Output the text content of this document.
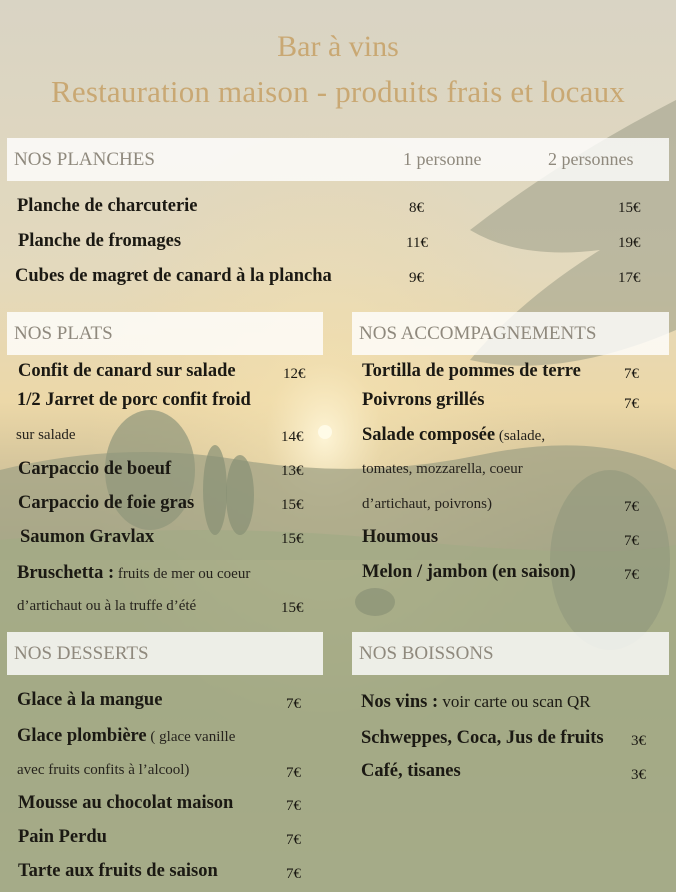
Bar à vins
Restauration maison - produits frais et locaux
NOS PLANCHES	1 personne	2 personnes
Planche de charcuterie	8€	15€
Planche de fromages	11€	19€
Cubes de magret de canard à la plancha	9€	17€
NOS PLATS
Confit de canard sur salade	12€
1/2 Jarret de porc confit froid
sur salade	14€
Carpaccio de boeuf	13€
Carpaccio de foie gras	15€
Saumon Gravlax	15€
Bruschetta : fruits de mer ou coeur
d’artichaut ou à la truffe d’été	15€
NOS ACCOMPAGNEMENTS
Tortilla de pommes de terre	7€
Poivrons grillés	7€
Salade composée (salade,
tomates, mozzarella, coeur
d’artichaut, poivrons)	7€
Houmous	7€
Melon / jambon (en saison)	7€
NOS DESSERTS
Glace à la mangue	7€
Glace plombière ( glace vanille
avec fruits confits à l’alcool)	7€
Mousse au chocolat maison	7€
Pain Perdu	7€
Tarte aux fruits de saison	7€
NOS BOISSONS
Nos vins : voir carte ou scan QR
Schweppes, Coca, Jus de fruits 3€
Café, tisanes	3€
